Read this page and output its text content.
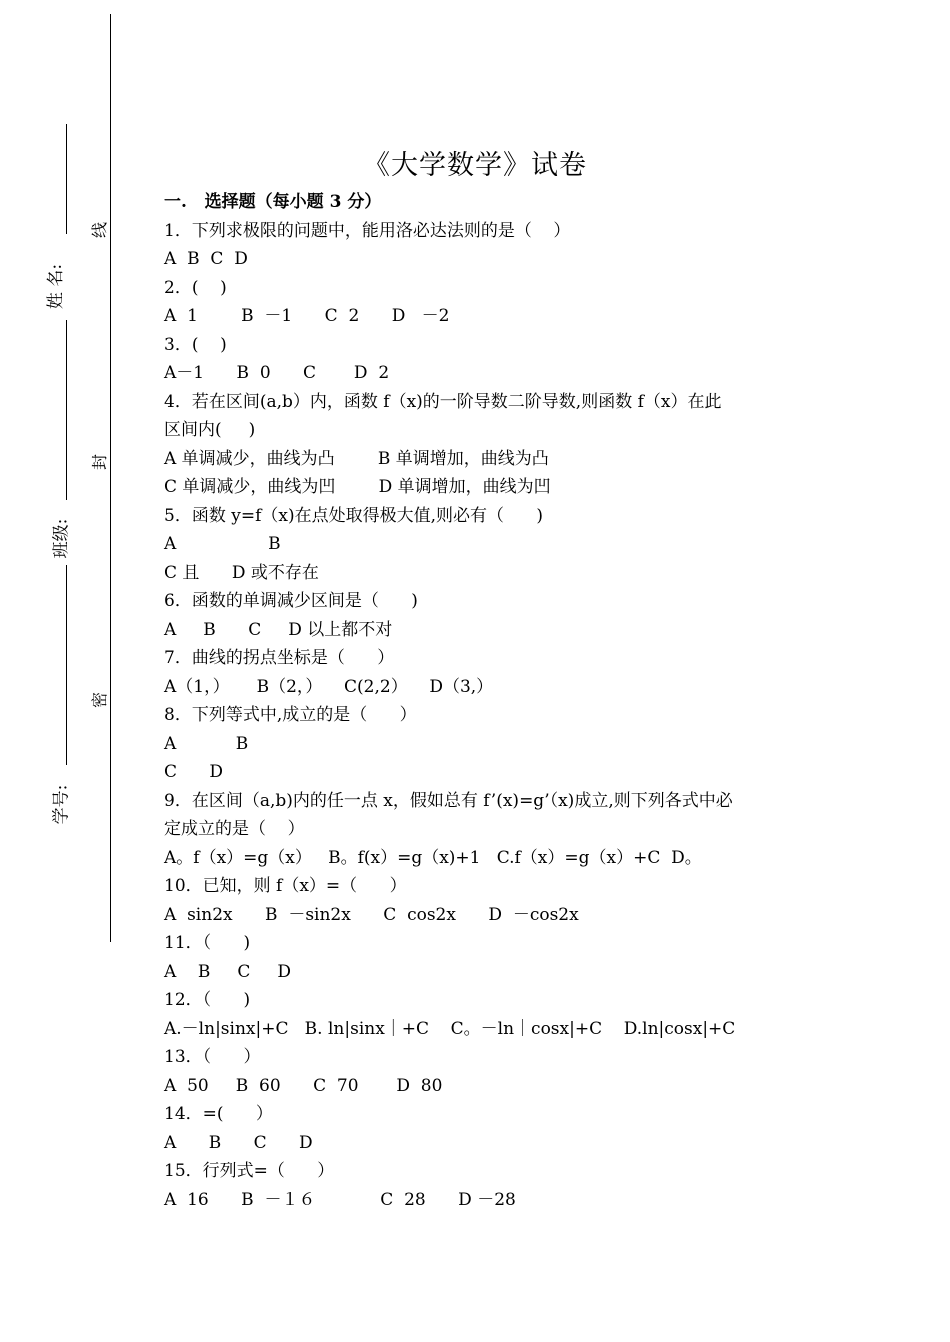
线
封
密
姓 名:
班级:
学号:
《大学数学》试卷
一.   选择题（每小题 3 分）
1．下列求极限的问题中，能用洛必达法则的是（    ）
A  B  C  D
2．(    )
A  1        B  －1      C  2      D   －2
3．(    )
A－1      B  0      C       D  2
4．若在区间(a,b）内，函数 f（x)的一阶导数二阶导数,则函数 f（x）在此
区间内(     )
A 单调减少，曲线为凸        B 单调增加，曲线为凸
C 单调减少，曲线为凹        D 单调增加，曲线为凹
5．函数 y=f（x)在点处取得极大值,则必有（      )
A                 B
C 且      D 或不存在
6．函数的单调减少区间是（      )
A     B      C     D 以上都不对
7．曲线的拐点坐标是（      ）
A（1，）     B（2，）    C(2,2）    D（3,）
8．下列等式中,成立的是（      ）
A           B
C      D
9．在区间（a,b)内的任一点 x，假如总有 f’(x)=g’（x)成立,则下列各式中必
定成立的是（    ）
A。f（x）=g（x）   B。f(x）=g（x)+1   C.f（x）=g（x）+C  D。
10．已知，则 f（x）=（      ）
A  sin2x      B  －sin2x      C  cos2x      D  －cos2x
11．（      )
A    B     C     D
12．（      )
A.－ln|sinx|+C   B. ln|sinx｜+C    C。－ln｜cosx|+C    D.ln|cosx|+C
13．（      ）
A  50     B  60      C  70       D  80
14．=(      ）
A      B      C      D
15．行列式=（      ）
A  16      B  －１６            C  28      D －28
